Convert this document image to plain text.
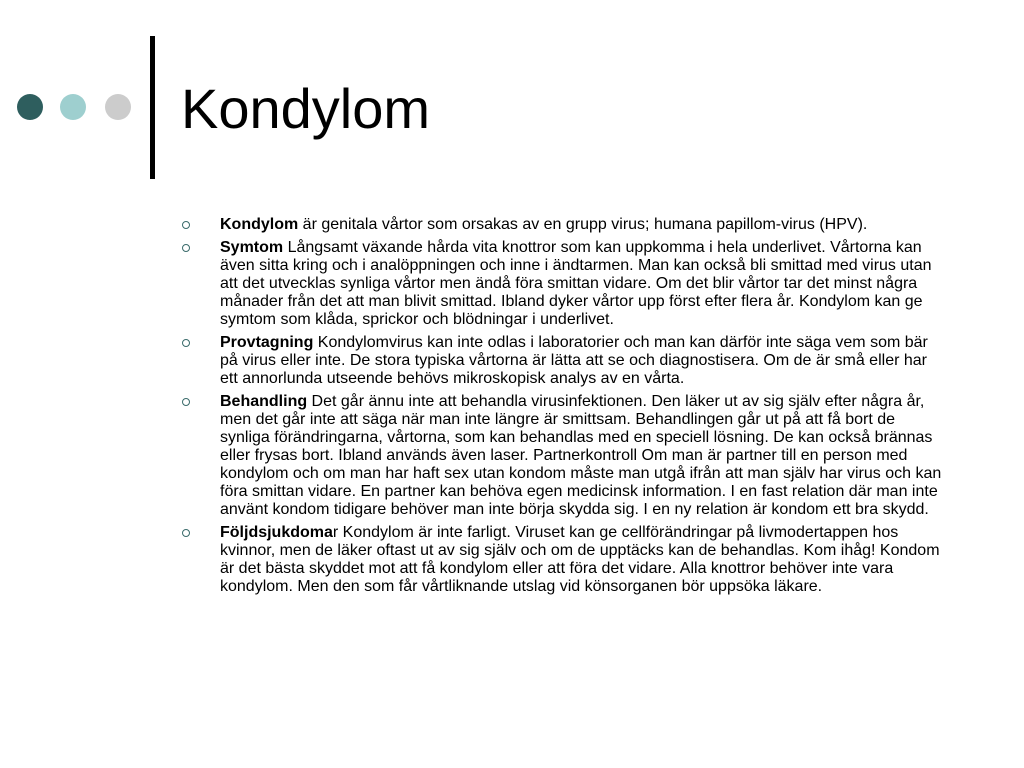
Kondylom
Kondylom är genitala vårtor som orsakas av en grupp virus; humana papillom-virus (HPV).
Symtom Långsamt växande hårda vita knottror som kan uppkomma i hela underlivet. Vårtorna kan även sitta kring och i analöppningen och inne i ändtarmen. Man kan också bli smittad med virus utan att det utvecklas synliga vårtor men ändå föra smittan vidare. Om det blir vårtor tar det minst några månader från det att man blivit smittad. Ibland dyker vårtor upp först efter flera år. Kondylom kan ge symtom som klåda, sprickor och blödningar i underlivet.
Provtagning Kondylomvirus kan inte odlas i laboratorier och man kan därför inte säga vem som bär på virus eller inte. De stora typiska vårtorna är lätta att se och diagnostisera. Om de är små eller har ett annorlunda utseende behövs mikroskopisk analys av en vårta.
Behandling Det går ännu inte att behandla virusinfektionen. Den läker ut av sig själv efter några år, men det går inte att säga när man inte längre är smittsam. Behandlingen går ut på att få bort de synliga förändringarna, vårtorna, som kan behandlas med en speciell lösning. De kan också brännas eller frysas bort. Ibland används även laser. Partnerkontroll Om man är partner till en person med kondylom och om man har haft sex utan kondom måste man utgå ifrån att man själv har virus och kan föra smittan vidare. En partner kan behöva egen medicinsk information. I en fast relation där man inte använt kondom tidigare behöver man inte börja skydda sig. I en ny relation är kondom ett bra skydd.
Följdsjukdomar Kondylom är inte farligt. Viruset kan ge cellförändringar på livmodertappen hos kvinnor, men de läker oftast ut av sig själv och om de upptäcks kan de behandlas. Kom ihåg! Kondom är det bästa skyddet mot att få kondylom eller att föra det vidare. Alla knottror behöver inte vara kondylom. Men den som får vårtliknande utslag vid könsorganen bör uppsöka läkare.
